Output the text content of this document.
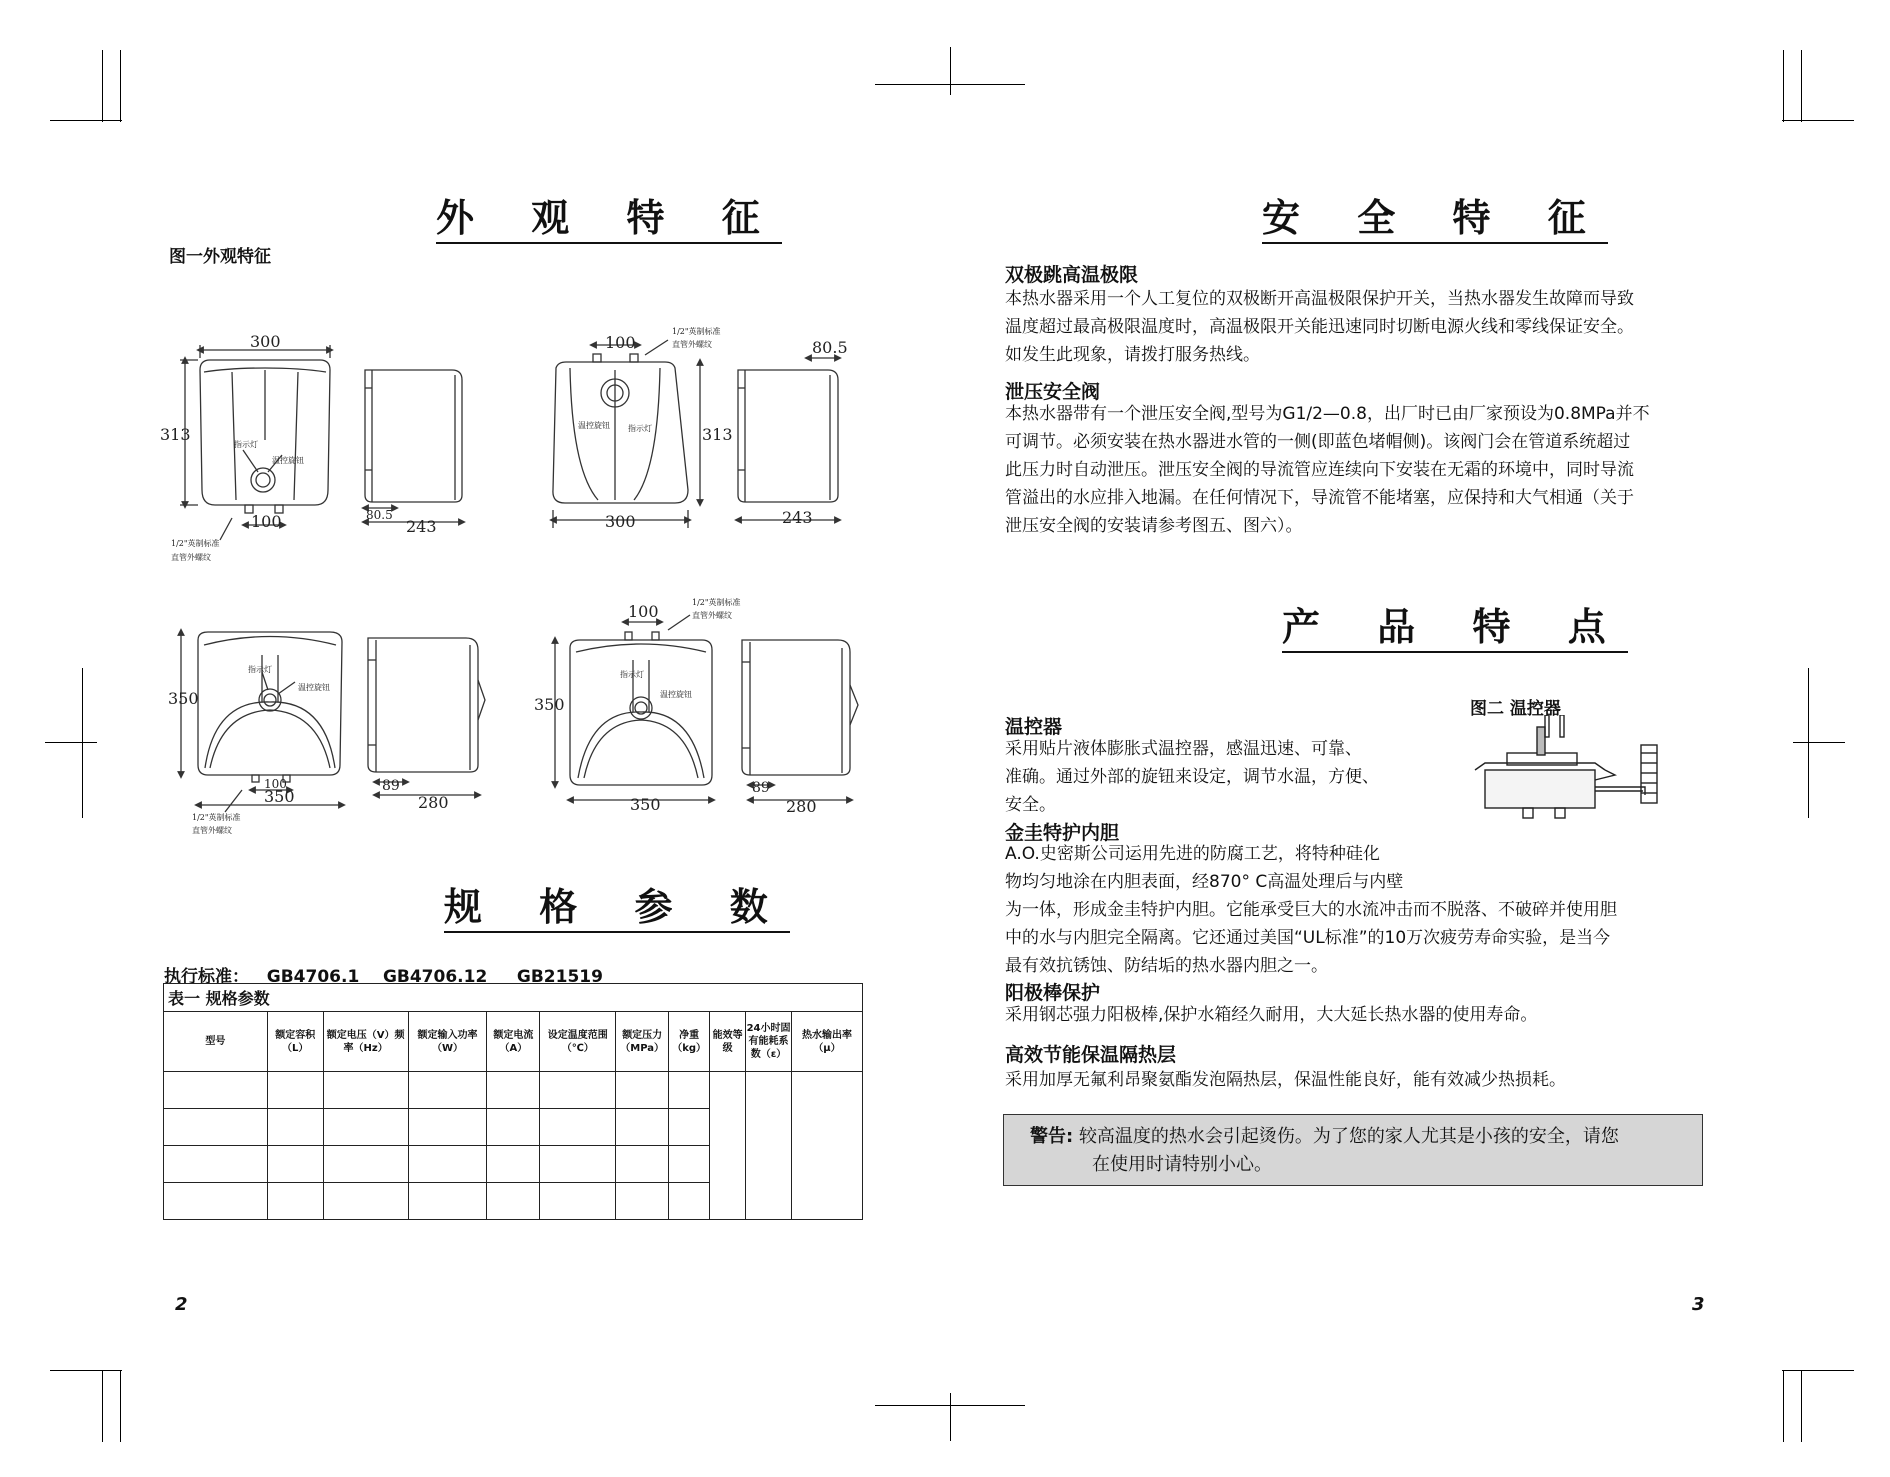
外 观 特 征
图一外观特征
300
313
100
指示灯
温控旋钮
1/2"英制标准
直管外螺纹
80.5
243
100
300
温控旋钮 指示灯
1/2"英制标准
直管外螺纹	80.5
313
243
350
350
100
指示灯
温控旋钮
1/2"英制标准
直管外螺纹
89
280
100
350
350
指示灯
温控旋钮
1/2"英制标准
直管外螺纹
89
280
规 格 参 数
执行标准：   GB4706.1    GB4706.12     GB21519
表一 规格参数										
型号	额定容积（L）	额定电压（V）频率（Hz）	额定输入功率（W）	额定电流（A）	设定温度范围（℃）	额定压力（MPa）	净重（kg）	能效等级	24小时固有能耗系数（ε）	热水输出率（μ）

2
安 全 特 征
双极跳高温极限

本热水器采用一个人工复位的双极断开高温极限保护开关，当热水器发生故障而导致

温度超过最高极限温度时，高温极限开关能迅速同时切断电源火线和零线保证安全。

如发生此现象，请拨打服务热线。

泄压安全阀

本热水器带有一个泄压安全阀,型号为G1/2—0.8，出厂时已由厂家预设为0.8MPa并不

可调节。必须安装在热水器进水管的一侧(即蓝色堵帽侧)。该阀门会在管道系统超过

此压力时自动泄压。泄压安全阀的导流管应连续向下安装在无霜的环境中，同时导流

管溢出的水应排入地漏。在任何情况下，导流管不能堵塞，应保持和大气相通（关于

泄压安全阀的安装请参考图五、图六）。

产 品 特 点
图二 温控器
温控器

采用贴片液体膨胀式温控器，感温迅速、可靠、

准确。通过外部的旋钮来设定，调节水温，方便、

安全。

金圭特护内胆

A.O.史密斯公司运用先进的防腐工艺，将特种硅化

物均匀地涂在内胆表面，经870° C高温处理后与内壁

为一体，形成金圭特护内胆。它能承受巨大的水流冲击而不脱落、不破碎并使用胆

中的水与内胆完全隔离。它还通过美国“UL标准”的10万次疲劳寿命实验，是当今

最有效抗锈蚀、防结垢的热水器内胆之一。

阳极棒保护

采用钢芯强力阳极棒,保护水箱经久耐用，大大延长热水器的使用寿命。

高效节能保温隔热层

采用加厚无氟利昂聚氨酯发泡隔热层，保温性能良好，能有效减少热损耗。

警告: 较高温度的热水会引起烫伤。为了您的家人尤其是小孩的安全，请您
在使用时请特别小心。
3
